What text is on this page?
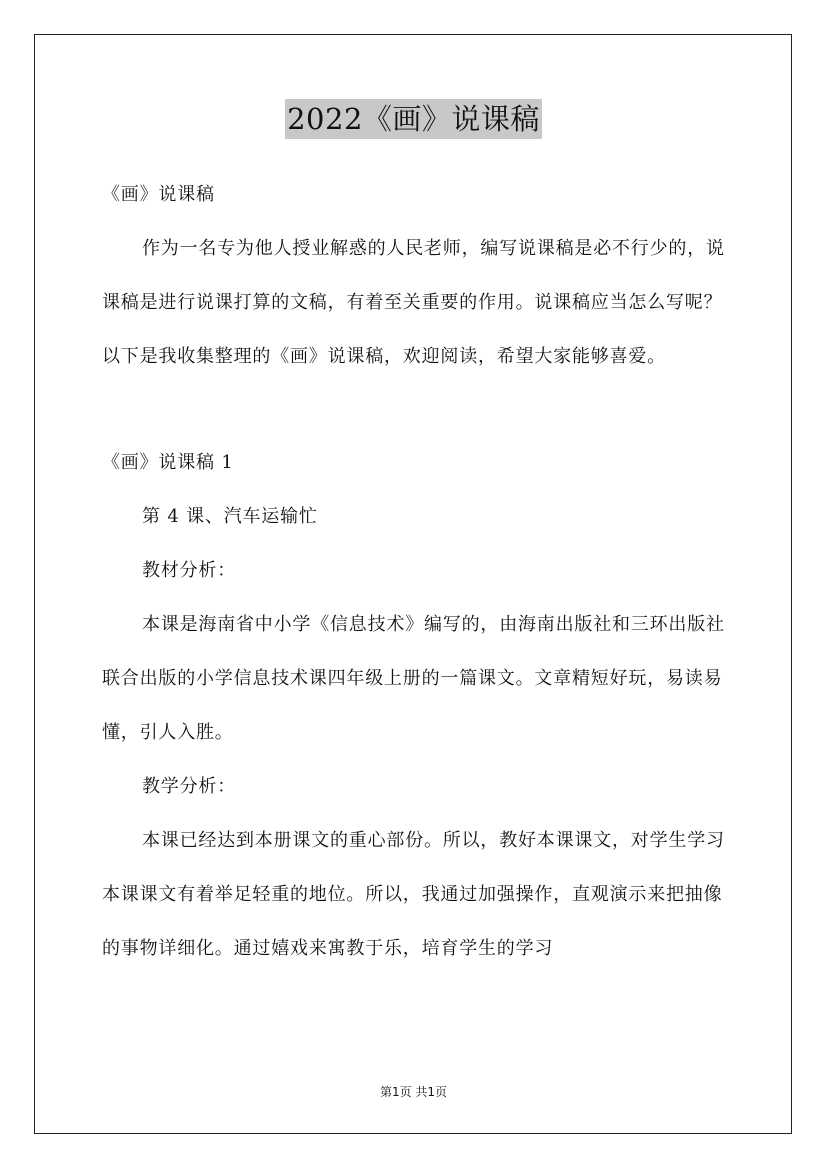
2022《画》说课稿

《画》说课稿

作为一名专为他人授业解惑的人民老师，编写说课稿是必不行少的，说课稿是进行说课打算的文稿，有着至关重要的作用。说课稿应当怎么写呢？以下是我收集整理的《画》说课稿，欢迎阅读，希望大家能够喜爱。

《画》说课稿 1

第 4 课、汽车运输忙

教材分析：

本课是海南省中小学《信息技术》编写的，由海南出版社和三环出版社联合出版的小学信息技术课四年级上册的一篇课文。文章精短好玩，易读易懂，引人入胜。

教学分析：

本课已经达到本册课文的重心部份。所以，教好本课课文，对学生学习本课课文有着举足轻重的地位。所以，我通过加强操作，直观演示来把抽像的事物详细化。通过嬉戏来寓教于乐，培育学生的学习

第1页 共1页
